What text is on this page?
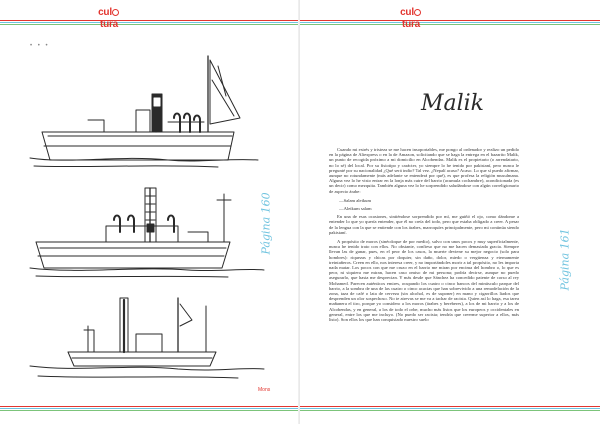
cultura
• • •
Página 160
Mons
cultura
Malik

Cuando mi estrés y tristeza se me hacen insoportables, me pongo al ordenador y realizo un pedido en la página de Aliexpress o en la de Amazon, solicitando que se haga la entrega en el bazarito Malik, un punto de recogida próximo a mi domicilio en Alcobendas. Malik es el propietario (o arrendatario, no lo sé) del local. Por su fisiotipo y carácter, yo siempre lo he tenido por pakistaní, pero nunca le pregunté por su nacionalidad ¿Qué será indio? Tal vez. ¿Nepalí acaso? Acaso. Lo que sí puedo afirmar, aunque no rotundamente (más adelante se entenderá por qué), es que profesa la religión musulmana. Alguna vez lo he visto entrar en la lonja más cutre del barrio (acumula cochambre), acondicionada (es un decir) como mezquita. También alguna vez lo he sorprendido saludándose con algún correligionario de aspecto árabe:

—Salam aleikum

—Aleikum salam

En una de esas ocasiones, sintiéndose sorprendido por mí, me guiñó el ojo, como dándome a entender lo que yo quería entender, que él no creía del todo, pero que estaba obligado a creer. A pesar de la lengua con la que se entiende con los árabes, marroquíes principalmente, pero mi continúa siendo pakistaní.

A propósito de moros (sinécdoque de por medio), salvo con unos pocos y muy superficialmente, nunca he tenido trato con ellos. No obstante, confieso que no me hacen demasiada gracia. Siempre llevan las de ganar, pues, en el peor de los casos, la muerte deviene su mejor negocio (solo para hombres): riquezas y chicas por doquier, sin daño, dolor, miedo o vergüenza y eternamente treintañeros. Creen en ello, nos interesa creer, y no importándoles morir a tal propósito, no les importa nada matar. Los pocos con que me cruzo en el barrio me miran por encima del hombro o, lo que es peor, ni siquiera me miran, hacen caso omiso de mi persona; podría decirse, aunque no puedo asegurarlo, que hasta me desprecian. Y más desde que Sánchez ha concedido patente de corso al rey Mohamed. Parecen auténticos emires, ocupando los cuatro o cinco bancos del minúsculo parque del barrio, a la sombra de una de las cuatro o cinco acacias que han sobrevivido a una remodelación de la zona, taza de café o lata de cerveza (sin alcohol, es de suponer) en mano y cigarrillos liados que desprenden un olor sospechoso. No te atrevas se me va a tachar de racista. Quien así lo haga, esa tarea mañanera el tiro, porque yo considero a los moros (árabes y bereberes), a los de mi barrio y a los de Alcobendas, y en general, a los de todo el orbe, mucho más listos que los europeos y occidentales en general, entre los que me incluyo. (No puedo ser racista; tendría que creerme superior a ellos, más listo). Son ellos los que han conquistado nuestro suelo

Página 161
